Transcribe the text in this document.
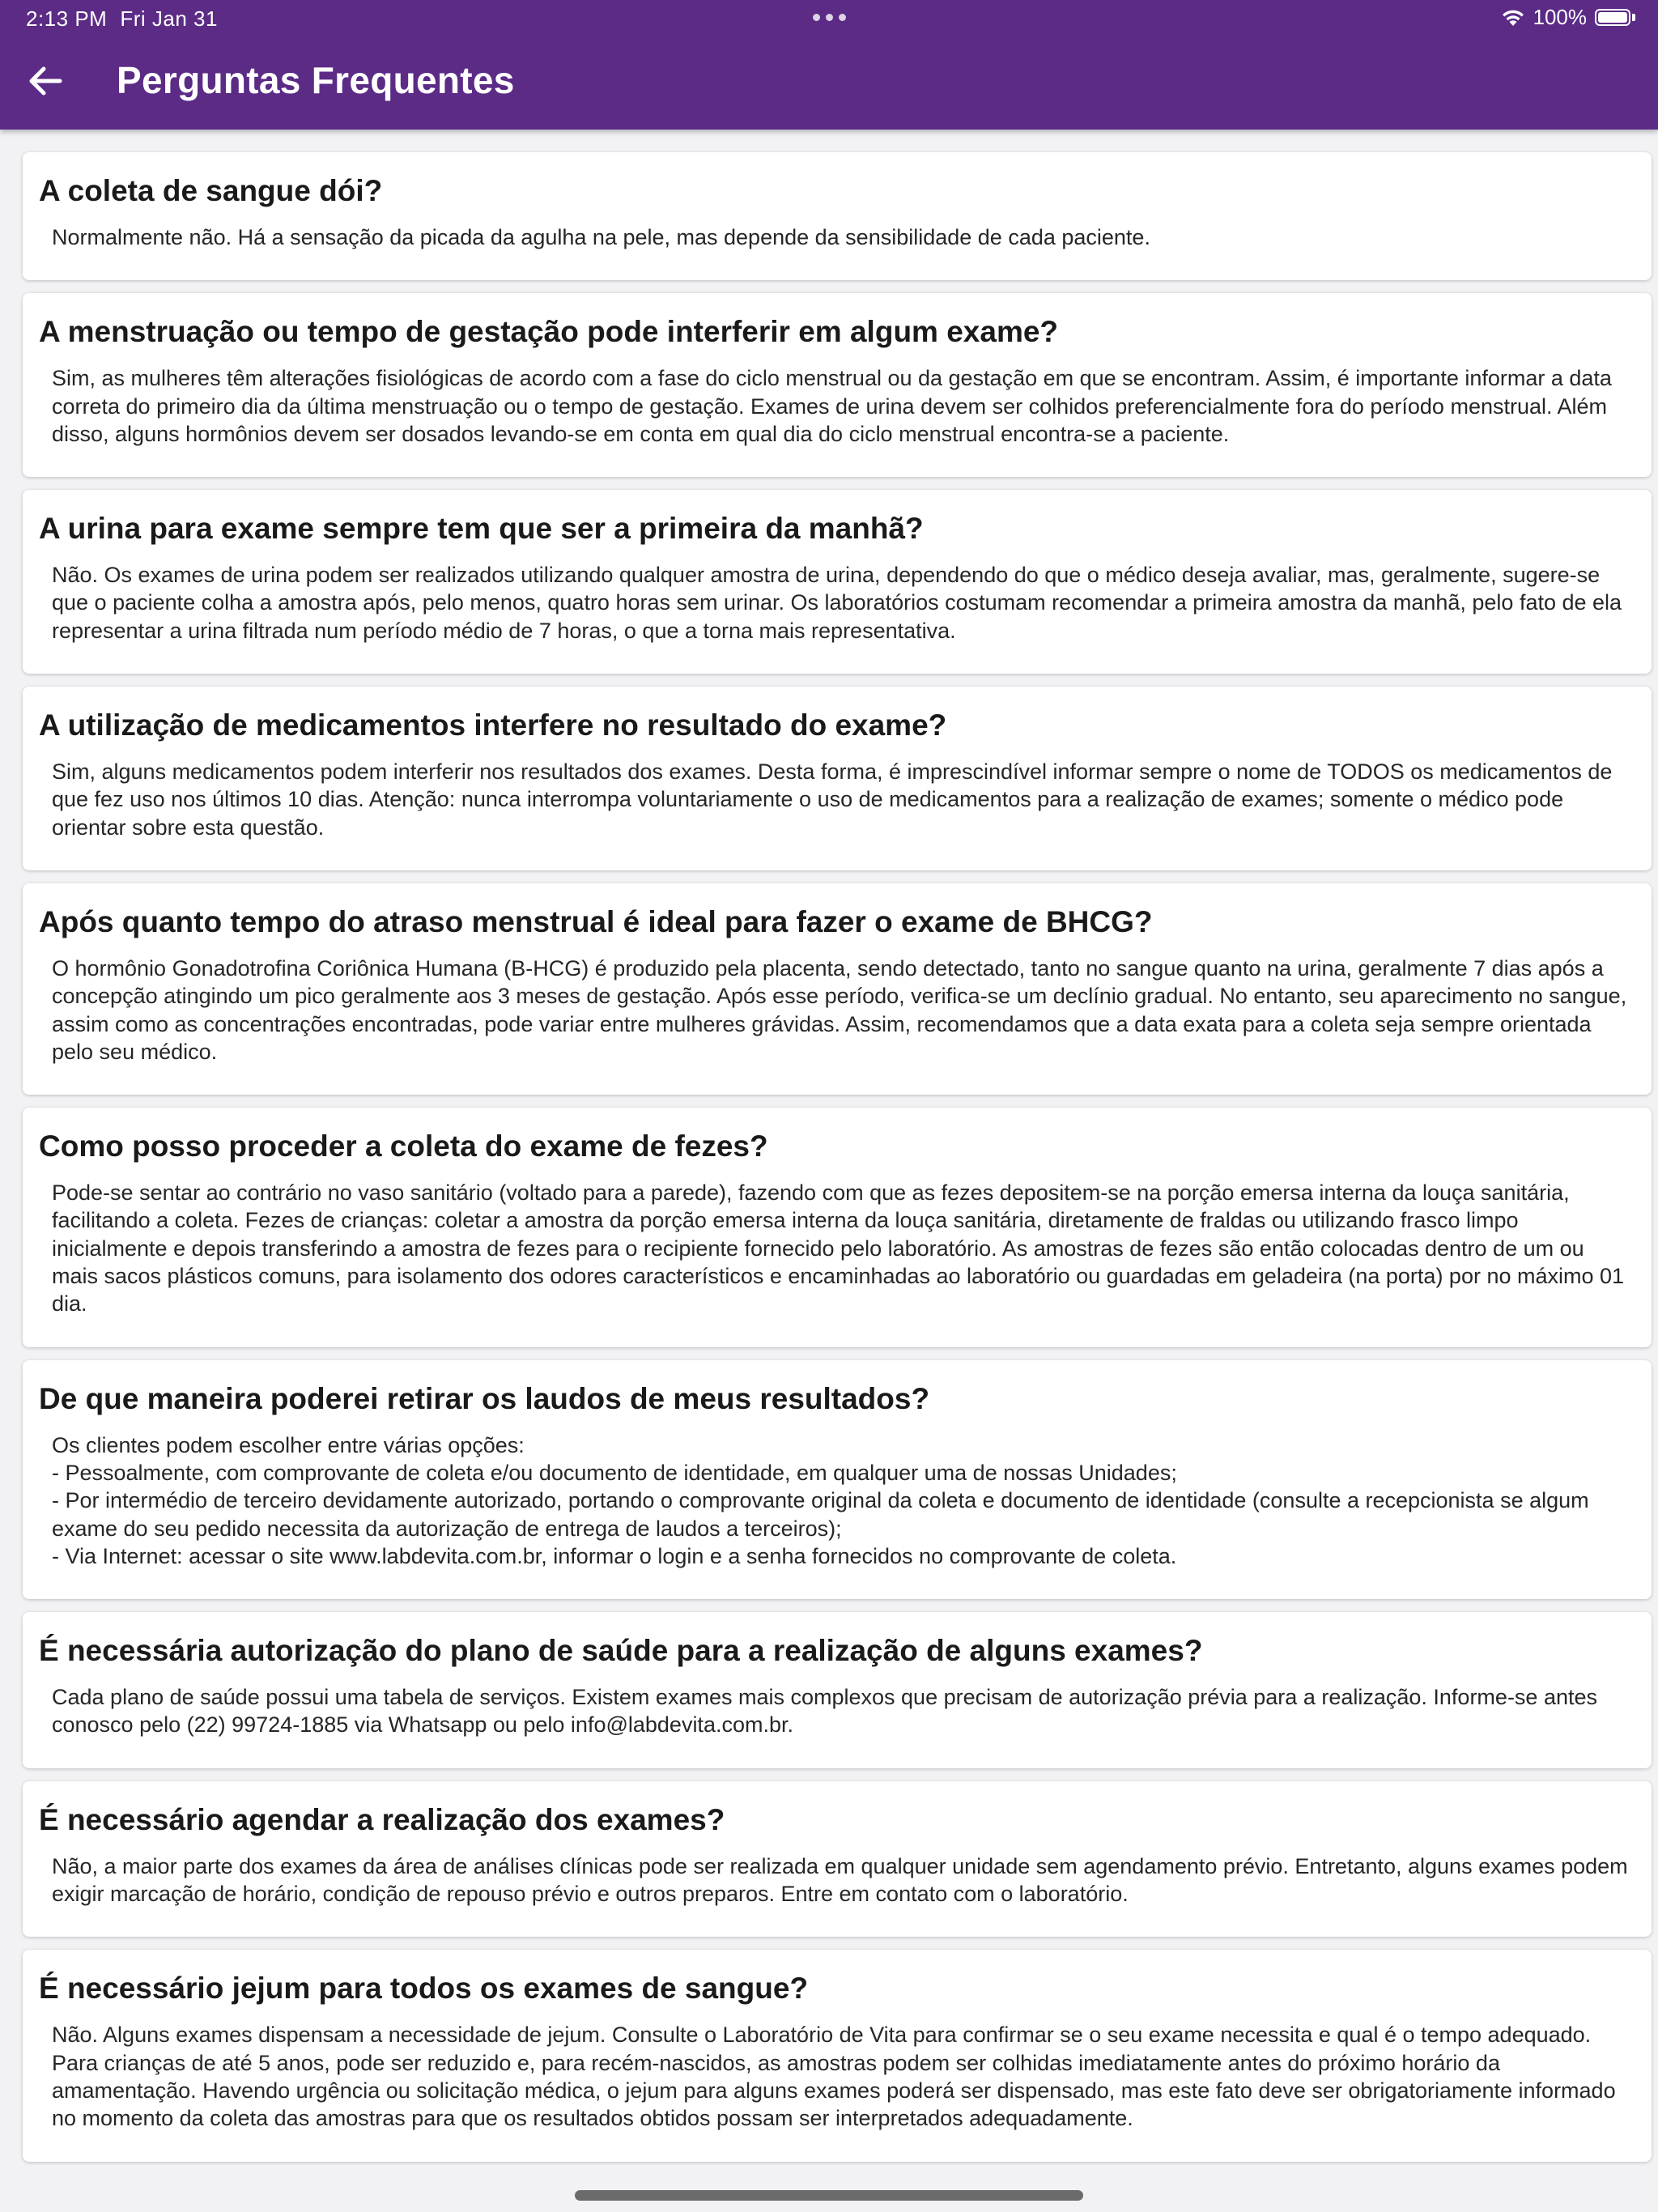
2:13 PM Fri Jan 31	100%
Perguntas Frequentes
A coleta de sangue dói?
Normalmente não. Há a sensação da picada da agulha na pele, mas depende da sensibilidade de cada paciente.
A menstruação ou tempo de gestação pode interferir em algum exame?
Sim, as mulheres têm alterações fisiológicas de acordo com a fase do ciclo menstrual ou da gestação em que se encontram. Assim, é importante informar a data correta do primeiro dia da última menstruação ou o tempo de gestação. Exames de urina devem ser colhidos preferencialmente fora do período menstrual. Além disso, alguns hormônios devem ser dosados levando-se em conta em qual dia do ciclo menstrual encontra-se a paciente.
A urina para exame sempre tem que ser a primeira da manhã?
Não. Os exames de urina podem ser realizados utilizando qualquer amostra de urina, dependendo do que o médico deseja avaliar, mas, geralmente, sugere-se que o paciente colha a amostra após, pelo menos, quatro horas sem urinar. Os laboratórios costumam recomendar a primeira amostra da manhã, pelo fato de ela representar a urina filtrada num período médio de 7 horas, o que a torna mais representativa.
A utilização de medicamentos interfere no resultado do exame?
Sim, alguns medicamentos podem interferir nos resultados dos exames. Desta forma, é imprescindível informar sempre o nome de TODOS os medicamentos de que fez uso nos últimos 10 dias. Atenção: nunca interrompa voluntariamente o uso de medicamentos para a realização de exames; somente o médico pode orientar sobre esta questão.
Após quanto tempo do atraso menstrual é ideal para fazer o exame de BHCG?
O hormônio Gonadotrofina Coriônica Humana (B-HCG) é produzido pela placenta, sendo detectado, tanto no sangue quanto na urina, geralmente 7 dias após a concepção atingindo um pico geralmente aos 3 meses de gestação. Após esse período, verifica-se um declínio gradual. No entanto, seu aparecimento no sangue, assim como as concentrações encontradas, pode variar entre mulheres grávidas. Assim, recomendamos que a data exata para a coleta seja sempre orientada pelo seu médico.
Como posso proceder a coleta do exame de fezes?
Pode-se sentar ao contrário no vaso sanitário (voltado para a parede), fazendo com que as fezes depositem-se na porção emersa interna da louça sanitária, facilitando a coleta. Fezes de crianças: coletar a amostra da porção emersa interna da louça sanitária, diretamente de fraldas ou utilizando frasco limpo inicialmente e depois transferindo a amostra de fezes para o recipiente fornecido pelo laboratório. As amostras de fezes são então colocadas dentro de um ou mais sacos plásticos comuns, para isolamento dos odores característicos e encaminhadas ao laboratório ou guardadas em geladeira (na porta) por no máximo 01 dia.
De que maneira poderei retirar os laudos de meus resultados?
Os clientes podem escolher entre várias opções:
- Pessoalmente, com comprovante de coleta e/ou documento de identidade, em qualquer uma de nossas Unidades;
- Por intermédio de terceiro devidamente autorizado, portando o comprovante original da coleta e documento de identidade (consulte a recepcionista se algum exame do seu pedido necessita da autorização de entrega de laudos a terceiros);
- Via Internet: acessar o site www.labdevita.com.br, informar o login e a senha fornecidos no comprovante de coleta.
É necessária autorização do plano de saúde para a realização de alguns exames?
Cada plano de saúde possui uma tabela de serviços. Existem exames mais complexos que precisam de autorização prévia para a realização. Informe-se antes conosco pelo (22) 99724-1885 via Whatsapp ou pelo info@labdevita.com.br.
É necessário agendar a realização dos exames?
Não, a maior parte dos exames da área de análises clínicas pode ser realizada em qualquer unidade sem agendamento prévio. Entretanto, alguns exames podem exigir marcação de horário, condição de repouso prévio e outros preparos. Entre em contato com o laboratório.
É necessário jejum para todos os exames de sangue?
Não. Alguns exames dispensam a necessidade de jejum. Consulte o Laboratório de Vita para confirmar se o seu exame necessita e qual é o tempo adequado. Para crianças de até 5 anos, pode ser reduzido e, para recém-nascidos, as amostras podem ser colhidas imediatamente antes do próximo horário da amamentação. Havendo urgência ou solicitação médica, o jejum para alguns exames poderá ser dispensado, mas este fato deve ser obrigatoriamente informado no momento da coleta das amostras para que os resultados obtidos possam ser interpretados adequadamente.
